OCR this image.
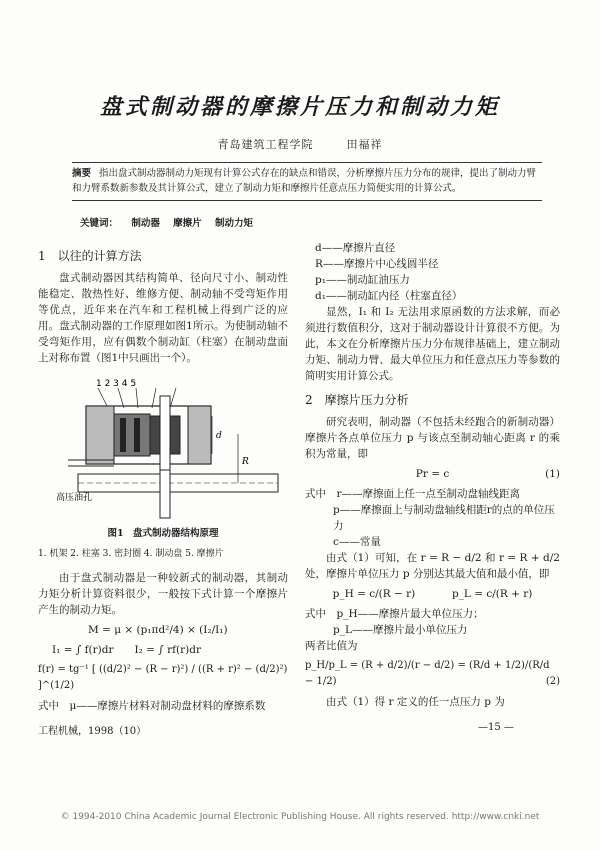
盘式制动器的摩擦片压力和制动力矩
青岛建筑工程学院	田福祥
摘要 指出盘式制动器制动力矩现有计算公式存在的缺点和错误，分析摩擦片压力分布的规律，提出了制动力臂和力臂系数新参数及其计算公式，建立了制动力矩和摩擦片任意点压力简便实用的计算公式。
关键词： 制动器 摩擦片 制动力矩
1　以往的计算方法

盘式制动器因其结构简单、径向尺寸小、制动性能稳定、散热性好、维修方便、制动轴不受弯矩作用等优点，近年来在汽车和工程机械上得到广泛的应用。盘式制动器的工作原理如图1所示。为使制动轴不受弯矩作用，应有偶数个制动缸（柱塞）在制动盘面上对称布置（图1中只画出一个）。

1 2 3 4 5
高压油孔
d
R
图1　盘式制动器结构原理
1. 机架 2. 柱塞 3. 密封圈 4. 制动盘 5. 摩擦片

由于盘式制动器是一种较新式的制动器，其制动力矩分析计算资料很少，一般按下式计算一个摩擦片产生的制动力矩。

M = μ × (p₁πd²/4) × (I₂/I₁)
I₁ = ∫ f(r)dr　　I₂ = ∫ rf(r)dr
f(r) = tg⁻¹ [ ((d/2)² − (R − r)²) / ((R + r)² − (d/2)²) ]^(1/2)
式中　μ——摩擦片材料对制动盘材料的摩擦系数
d——摩擦片直径
R——摩擦片中心线圆半径
p₁——制动缸油压力
d₁——制动缸内径（柱塞直径）

显然，I₁ 和 I₂ 无法用求原函数的方法求解，而必须进行数值积分，这对于制动器设计计算很不方便。为此，本文在分析摩擦片压力分布规律基础上，建立制动力矩、制动力臂、最大单位压力和任意点压力等参数的简明实用计算公式。

2　摩擦片压力分析

研究表明，制动器（不包括未经跑合的新制动器）摩擦片各点单位压力 p 与该点至制动轴心距离 r 的乘积为常量，即

Pr = c	(1)
式中　r——摩擦面上任一点至制动盘轴线距离
p——摩擦面上与制动盘轴线相距r的点的单位压力
c——常量

由式（1）可知，在 r = R − d/2 和 r = R + d/2 处，摩擦片单位压力 p 分别达其最大值和最小值，即

p_H = c/(R − r)	p_L = c/(R + r)
式中　p_H——摩擦片最大单位压力；
p_L——摩擦片最小单位压力
两者比值为
p_H/p_L = (R + d/2)/(r − d/2) = (R/d + 1/2)/(R/d − 1/2)	(2)

由式（1）得 r 定义的任一点压力 p 为

工程机械，1998（10）	—15 —
© 1994-2010 China Academic Journal Electronic Publishing House. All rights reserved. http://www.cnki.net
